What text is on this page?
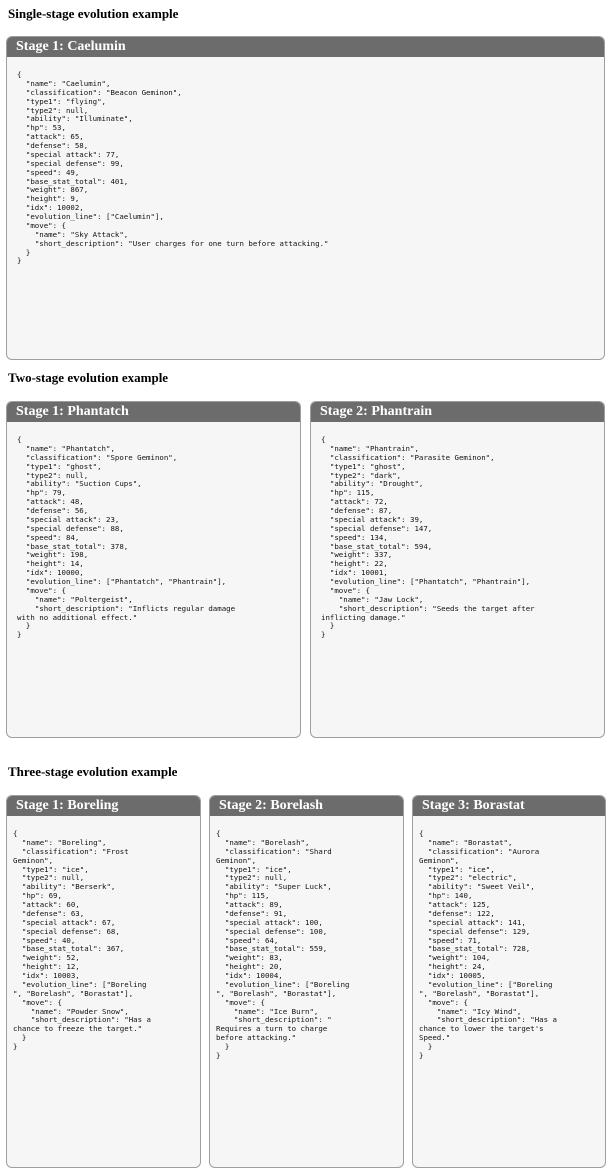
Single-stage evolution example
Stage 1: Caelumin
{
"name": "Caelumin",
"classification": "Beacon Geminon",
"type1": "flying",
"type2": null,
"ability": "Illuminate",
"hp": 53,
"attack": 65,
"defense": 58,
"special attack": 77,
"special defense": 99,
"speed": 49,
"base_stat_total": 401,
"weight": 867,
"height": 9,
"idx": 10002,
"evolution_line": ["Caelumin"],
"move": {
"name": "Sky Attack",
"short_description": "User charges for one turn before attacking."
}
}
Two-stage evolution example
Stage 1: Phantatch
{
"name": "Phantatch",
"classification": "Spore Geminon",
"type1": "ghost",
"type2": null,
"ability": "Suction Cups",
"hp": 79,
"attack": 48,
"defense": 56,
"special attack": 23,
"special defense": 88,
"speed": 84,
"base_stat_total": 378,
"weight": 198,
"height": 14,
"idx": 10000,
"evolution_line": ["Phantatch", "Phantrain"],
"move": {
"name": "Poltergeist",
"short_description": "Inflicts regular damage
with no additional effect."
}
}
Stage 2: Phantrain
{
"name": "Phantrain",
"classification": "Parasite Geminon",
"type1": "ghost",
"type2": "dark",
"ability": "Drought",
"hp": 115,
"attack": 72,
"defense": 87,
"special attack": 39,
"special defense": 147,
"speed": 134,
"base_stat_total": 594,
"weight": 337,
"height": 22,
"idx": 10001,
"evolution_line": ["Phantatch", "Phantrain"],
"move": {
"name": "Jaw Lock",
"short_description": "Seeds the target after
inflicting damage."
}
}
Three-stage evolution example
Stage 1: Boreling
{
"name": "Boreling",
"classification": "Frost
Geminon",
"type1": "ice",
"type2": null,
"ability": "Berserk",
"hp": 69,
"attack": 60,
"defense": 63,
"special attack": 67,
"special defense": 68,
"speed": 40,
"base_stat_total": 367,
"weight": 52,
"height": 12,
"idx": 10003,
"evolution_line": ["Boreling
", "Borelash", "Borastat"],
"move": {
"name": "Powder Snow",
"short_description": "Has a
chance to freeze the target."
}
}
Stage 2: Borelash
{
"name": "Borelash",
"classification": "Shard
Geminon",
"type1": "ice",
"type2": null,
"ability": "Super Luck",
"hp": 115,
"attack": 89,
"defense": 91,
"special attack": 100,
"special defense": 100,
"speed": 64,
"base_stat_total": 559,
"weight": 83,
"height": 20,
"idx": 10004,
"evolution_line": ["Boreling
", "Borelash", "Borastat"],
"move": {
"name": "Ice Burn",
"short_description": "
Requires a turn to charge
before attacking."
}
}
Stage 3: Borastat
{
"name": "Borastat",
"classification": "Aurora
Geminon",
"type1": "ice",
"type2": "electric",
"ability": "Sweet Veil",
"hp": 140,
"attack": 125,
"defense": 122,
"special attack": 141,
"special defense": 129,
"speed": 71,
"base_stat_total": 728,
"weight": 104,
"height": 24,
"idx": 10005,
"evolution_line": ["Boreling
", "Borelash", "Borastat"],
"move": {
"name": "Icy Wind",
"short_description": "Has a
chance to lower the target's
Speed."
}
}
